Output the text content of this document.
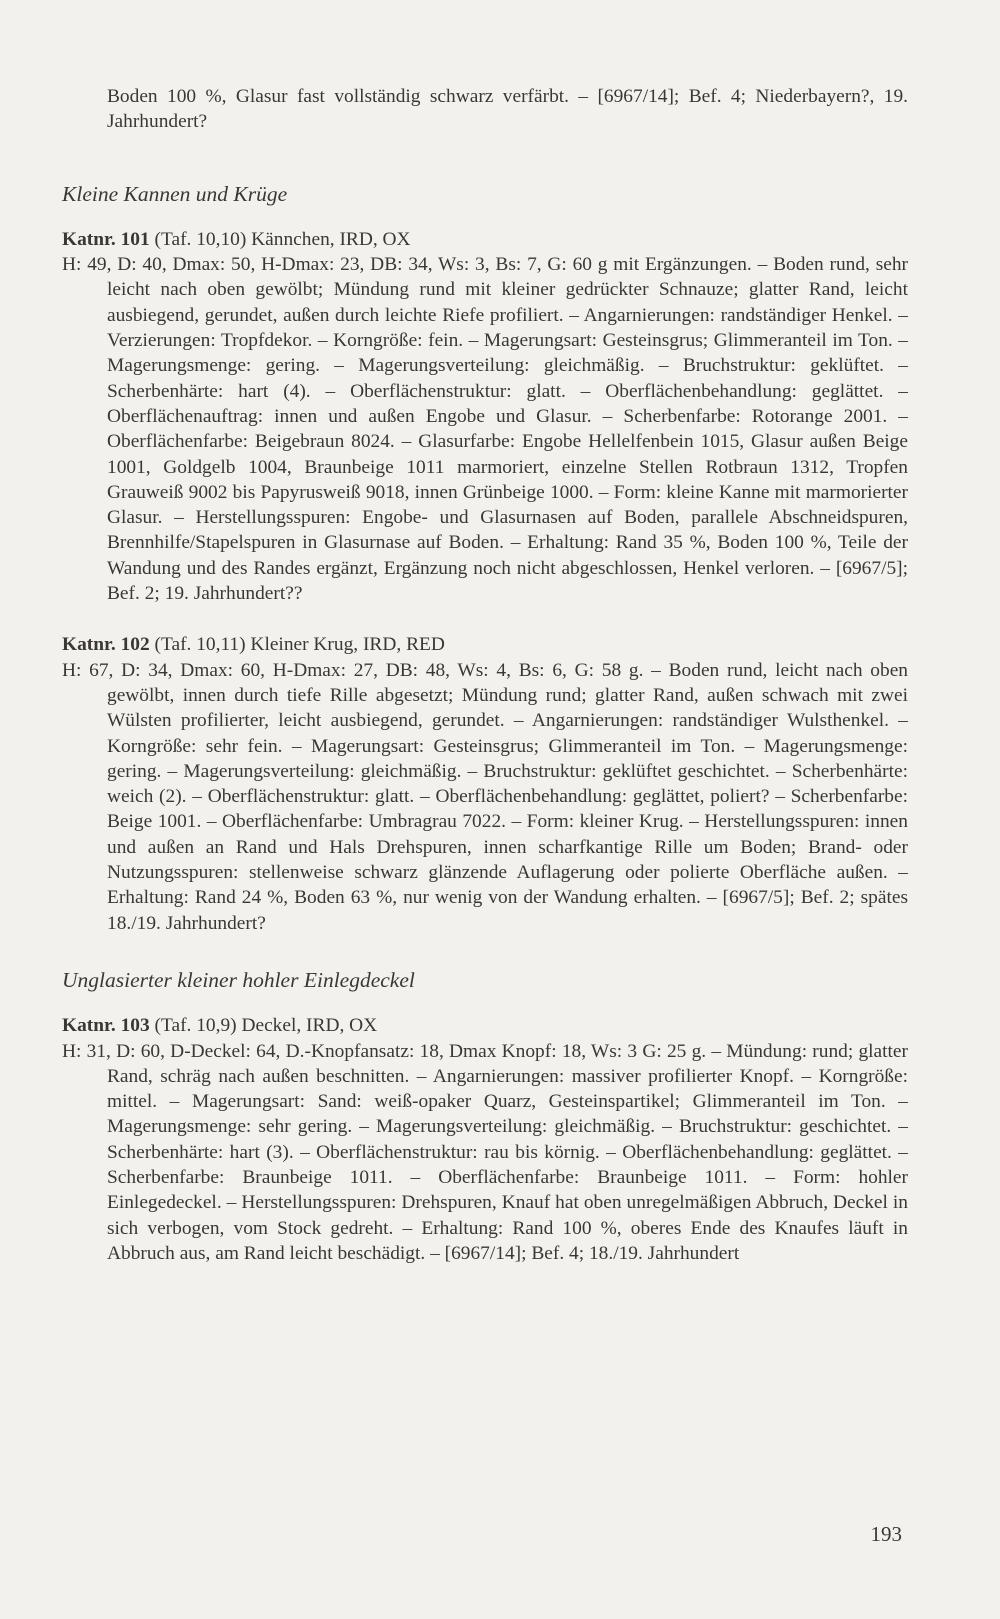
Boden 100 %, Glasur fast vollständig schwarz verfärbt. – [6967/14]; Bef. 4; Niederbayern?, 19. Jahrhundert?

Kleine Kannen und Krüge

Katnr. 101 (Taf. 10,10) Kännchen, IRD, OX

H: 49, D: 40, Dmax: 50, H-Dmax: 23, DB: 34, Ws: 3, Bs: 7, G: 60 g mit Ergänzungen. – Boden rund, sehr leicht nach oben gewölbt; Mündung rund mit kleiner gedrückter Schnauze; glatter Rand, leicht ausbiegend, gerundet, außen durch leichte Riefe profiliert. – Angarnierungen: randständiger Henkel. – Verzierungen: Tropfdekor. – Korngröße: fein. – Magerungsart: Gesteinsgrus; Glimmeranteil im Ton. – Magerungsmenge: gering. – Magerungsverteilung: gleichmäßig. – Bruchstruktur: geklüftet. – Scherbenhärte: hart (4). – Oberflächenstruktur: glatt. – Oberflächenbehandlung: geglättet. – Oberflächenauftrag: innen und außen Engobe und Glasur. – Scherbenfarbe: Rotorange 2001. – Oberflächenfarbe: Beigebraun 8024. – Glasurfarbe: Engobe Hellelfenbein 1015, Glasur außen Beige 1001, Goldgelb 1004, Braunbeige 1011 marmoriert, einzelne Stellen Rotbraun 1312, Tropfen Grauweiß 9002 bis Papyrusweiß 9018, innen Grünbeige 1000. – Form: kleine Kanne mit marmorierter Glasur. – Herstellungsspuren: Engobe- und Glasurnasen auf Boden, parallele Abschneidspuren, Brennhilfe/Stapelspuren in Glasurnase auf Boden. – Erhaltung: Rand 35 %, Boden 100 %, Teile der Wandung und des Randes ergänzt, Ergänzung noch nicht abgeschlossen, Henkel verloren. – [6967/5]; Bef. 2; 19. Jahrhundert??

Katnr. 102 (Taf. 10,11) Kleiner Krug, IRD, RED

H: 67, D: 34, Dmax: 60, H-Dmax: 27, DB: 48, Ws: 4, Bs: 6, G: 58 g. – Boden rund, leicht nach oben gewölbt, innen durch tiefe Rille abgesetzt; Mündung rund; glatter Rand, außen schwach mit zwei Wülsten profilierter, leicht ausbiegend, gerundet. – Angarnierungen: randständiger Wulsthenkel. – Korngröße: sehr fein. – Magerungsart: Gesteinsgrus; Glimmeranteil im Ton. – Magerungsmenge: gering. – Magerungsverteilung: gleichmäßig. – Bruchstruktur: geklüftet geschichtet. – Scherbenhärte: weich (2). – Oberflächenstruktur: glatt. – Oberflächenbehandlung: geglättet, poliert? – Scherbenfarbe: Beige 1001. – Oberflächenfarbe: Umbragrau 7022. – Form: kleiner Krug. – Herstellungsspuren: innen und außen an Rand und Hals Drehspuren, innen scharfkantige Rille um Boden; Brand- oder Nutzungsspuren: stellenweise schwarz glänzende Auflagerung oder polierte Oberfläche außen. – Erhaltung: Rand 24 %, Boden 63 %, nur wenig von der Wandung erhalten. – [6967/5]; Bef. 2; spätes 18./19. Jahrhundert?

Unglasierter kleiner hohler Einlegdeckel

Katnr. 103 (Taf. 10,9) Deckel, IRD, OX

H: 31, D: 60, D-Deckel: 64, D.-Knopfansatz: 18, Dmax Knopf: 18, Ws: 3 G: 25 g. – Mündung: rund; glatter Rand, schräg nach außen beschnitten. – Angarnierungen: massiver profilierter Knopf. – Korngröße: mittel. – Magerungsart: Sand: weiß-opaker Quarz, Gesteinspartikel; Glimmeranteil im Ton. – Magerungsmenge: sehr gering. – Magerungsverteilung: gleichmäßig. – Bruchstruktur: geschichtet. – Scherbenhärte: hart (3). – Oberflächenstruktur: rau bis körnig. – Oberflächenbehandlung: geglättet. – Scherbenfarbe: Braunbeige 1011. – Oberflächenfarbe: Braunbeige 1011. – Form: hohler Einlegedeckel. – Herstellungsspuren: Drehspuren, Knauf hat oben unregelmäßigen Abbruch, Deckel in sich verbogen, vom Stock gedreht. – Erhaltung: Rand 100 %, oberes Ende des Knaufes läuft in Abbruch aus, am Rand leicht beschädigt. – [6967/14]; Bef. 4; 18./19. Jahrhundert

193
